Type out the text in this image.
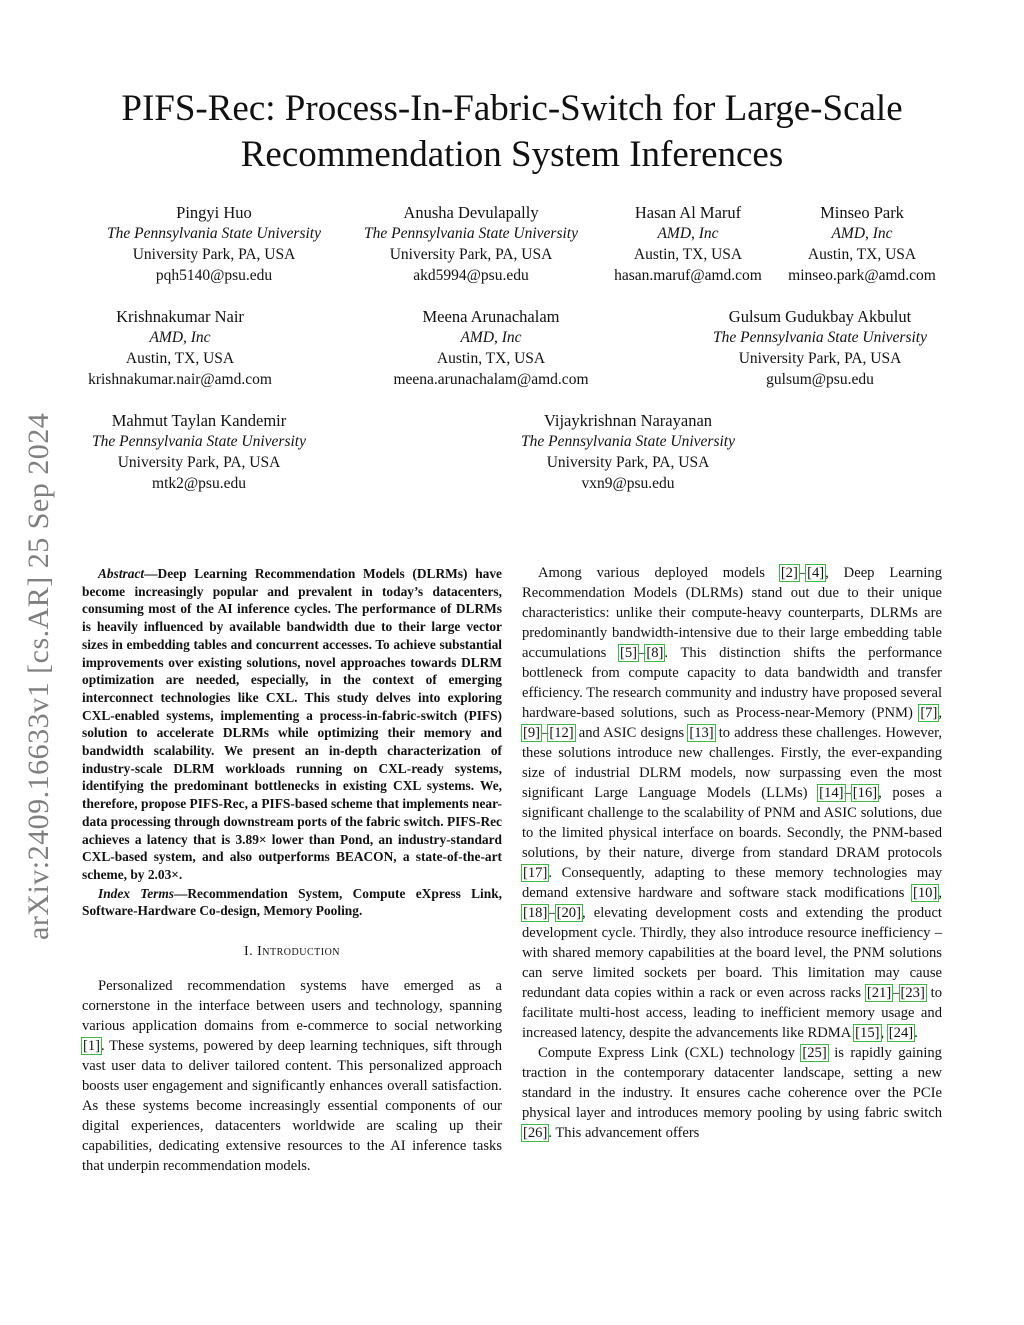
arXiv:2409.16633v1 [cs.AR] 25 Sep 2024
PIFS-Rec: Process-In-Fabric-Switch for Large-Scale
Recommendation System Inferences
Pingyi Huo
The Pennsylvania State University
University Park, PA, USA
pqh5140@psu.edu
Anusha Devulapally
The Pennsylvania State University
University Park, PA, USA
akd5994@psu.edu
Hasan Al Maruf
AMD, Inc
Austin, TX, USA
hasan.maruf@amd.com
Minseo Park
AMD, Inc
Austin, TX, USA
minseo.park@amd.com
Krishnakumar Nair
AMD, Inc
Austin, TX, USA
krishnakumar.nair@amd.com
Meena Arunachalam
AMD, Inc
Austin, TX, USA
meena.arunachalam@amd.com
Gulsum Gudukbay Akbulut
The Pennsylvania State University
University Park, PA, USA
gulsum@psu.edu
Mahmut Taylan Kandemir
The Pennsylvania State University
University Park, PA, USA
mtk2@psu.edu
Vijaykrishnan Narayanan
The Pennsylvania State University
University Park, PA, USA
vxn9@psu.edu

Abstract—Deep Learning Recommendation Models (DLRMs) have become increasingly popular and prevalent in today’s datacenters, consuming most of the AI inference cycles. The performance of DLRMs is heavily influenced by available bandwidth due to their large vector sizes in embedding tables and concurrent accesses. To achieve substantial improvements over existing solutions, novel approaches towards DLRM optimization are needed, especially, in the context of emerging interconnect technologies like CXL. This study delves into exploring CXL-enabled systems, implementing a process-in-fabric-switch (PIFS) solution to accelerate DLRMs while optimizing their memory and bandwidth scalability. We present an in-depth characterization of industry-scale DLRM workloads running on CXL-ready systems, identifying the predominant bottlenecks in existing CXL systems. We, therefore, propose PIFS-Rec, a PIFS-based scheme that implements near-data processing through downstream ports of the fabric switch. PIFS-Rec achieves a latency that is 3.89× lower than Pond, an industry-standard CXL-based system, and also outperforms BEACON, a state-of-the-art scheme, by 2.03×.

Index Terms—Recommendation System, Compute eXpress Link, Software-Hardware Co-design, Memory Pooling.

I. Introduction

Personalized recommendation systems have emerged as a cornerstone in the interface between users and technology, spanning various application domains from e-commerce to social networking [1]. These systems, powered by deep learning techniques, sift through vast user data to deliver tailored content. This personalized approach boosts user engagement and significantly enhances overall satisfaction. As these systems become increasingly essential components of our digital experiences, datacenters worldwide are scaling up their capabilities, dedicating extensive resources to the AI inference tasks that underpin recommendation models.

Among various deployed models [2]–[4], Deep Learning Recommendation Models (DLRMs) stand out due to their unique characteristics: unlike their compute-heavy counterparts, DLRMs are predominantly bandwidth-intensive due to their large embedding table accumulations [5]–[8]. This distinction shifts the performance bottleneck from compute capacity to data bandwidth and transfer efficiency. The research community and industry have proposed several hardware-based solutions, such as Process-near-Memory (PNM) [7], [9]–[12] and ASIC designs [13] to address these challenges. However, these solutions introduce new challenges. Firstly, the ever-expanding size of industrial DLRM models, now surpassing even the most significant Large Language Models (LLMs) [14]–[16], poses a significant challenge to the scalability of PNM and ASIC solutions, due to the limited physical interface on boards. Secondly, the PNM-based solutions, by their nature, diverge from standard DRAM protocols [17]. Consequently, adapting to these memory technologies may demand extensive hardware and software stack modifications [10], [18]–[20], elevating development costs and extending the product development cycle. Thirdly, they also introduce resource inefficiency – with shared memory capabilities at the board level, the PNM solutions can serve limited sockets per board. This limitation may cause redundant data copies within a rack or even across racks [21]–[23] to facilitate multi-host access, leading to inefficient memory usage and increased latency, despite the advancements like RDMA [15], [24].

Compute Express Link (CXL) technology [25] is rapidly gaining traction in the contemporary datacenter landscape, setting a new standard in the industry. It ensures cache coherence over the PCIe physical layer and introduces memory pooling by using fabric switch [26]. This advancement offers
